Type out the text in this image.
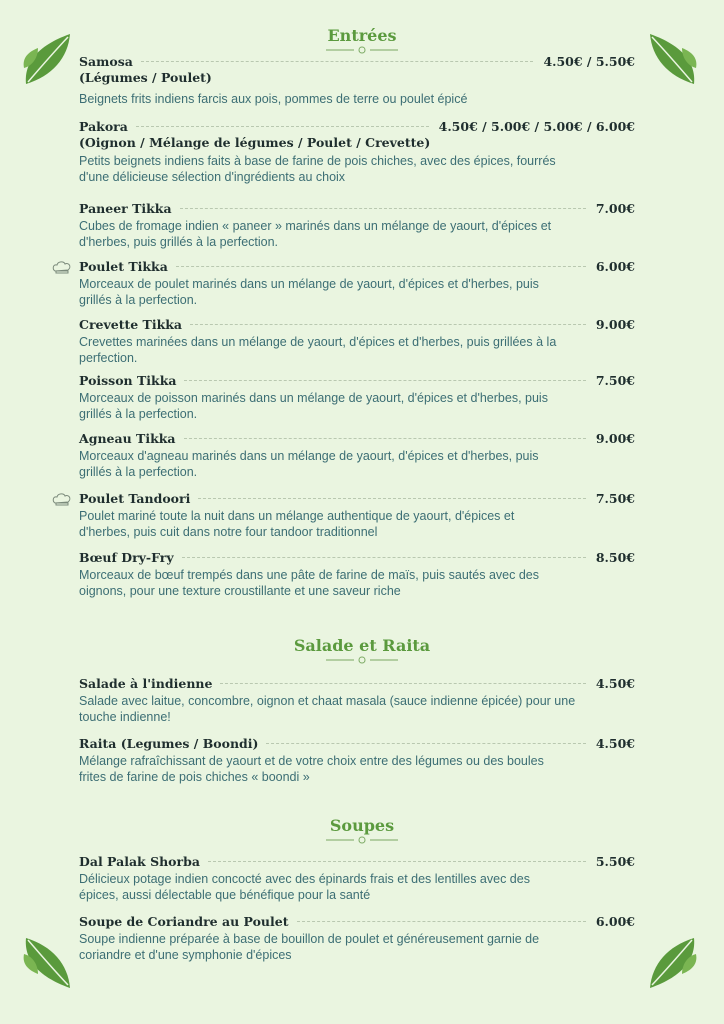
Entrées
Samosa	4.50€ / 5.50€
(Légumes / Poulet)
Beignets frits indiens farcis aux pois, pommes de terre ou poulet épicé
Pakora	4.50€ / 5.00€ / 5.00€ / 6.00€
(Oignon / Mélange de légumes / Poulet / Crevette)
Petits beignets indiens faits à base de farine de pois chiches, avec des épices, fourrés d'une délicieuse sélection d'ingrédients au choix
Paneer Tikka	7.00€
Cubes de fromage indien « paneer » marinés dans un mélange de yaourt, d'épices et d'herbes, puis grillés à la perfection.
Poulet Tikka	6.00€
Morceaux de poulet marinés dans un mélange de yaourt, d'épices et d'herbes, puis grillés à la perfection.
Crevette Tikka	9.00€
Crevettes marinées dans un mélange de yaourt, d'épices et d'herbes, puis grillées à la perfection.
Poisson Tikka	7.50€
Morceaux de poisson marinés dans un mélange de yaourt, d'épices et d'herbes, puis grillés à la perfection.
Agneau Tikka	9.00€
Morceaux d'agneau marinés dans un mélange de yaourt, d'épices et d'herbes, puis grillés à la perfection.
Poulet Tandoori	7.50€
Poulet mariné toute la nuit dans un mélange authentique de yaourt, d'épices et d'herbes, puis cuit dans notre four tandoor traditionnel
Bœuf Dry-Fry	8.50€
Morceaux de bœuf trempés dans une pâte de farine de maïs, puis sautés avec des oignons, pour une texture croustillante et une saveur riche
Salade et Raita
Salade à l'indienne	4.50€
Salade avec laitue, concombre, oignon et chaat masala (sauce indienne épicée) pour une touche indienne!
Raita (Legumes / Boondi)	4.50€
Mélange rafraîchissant de yaourt et de votre choix entre des légumes ou des boules frites de farine de pois chiches « boondi »
Soupes
Dal Palak Shorba	5.50€
Délicieux potage indien concocté avec des épinards frais et des lentilles avec des épices, aussi délectable que bénéfique pour la santé
Soupe de Coriandre au Poulet	6.00€
Soupe indienne préparée à base de bouillon de poulet et généreusement garnie de coriandre et d'une symphonie d'épices
